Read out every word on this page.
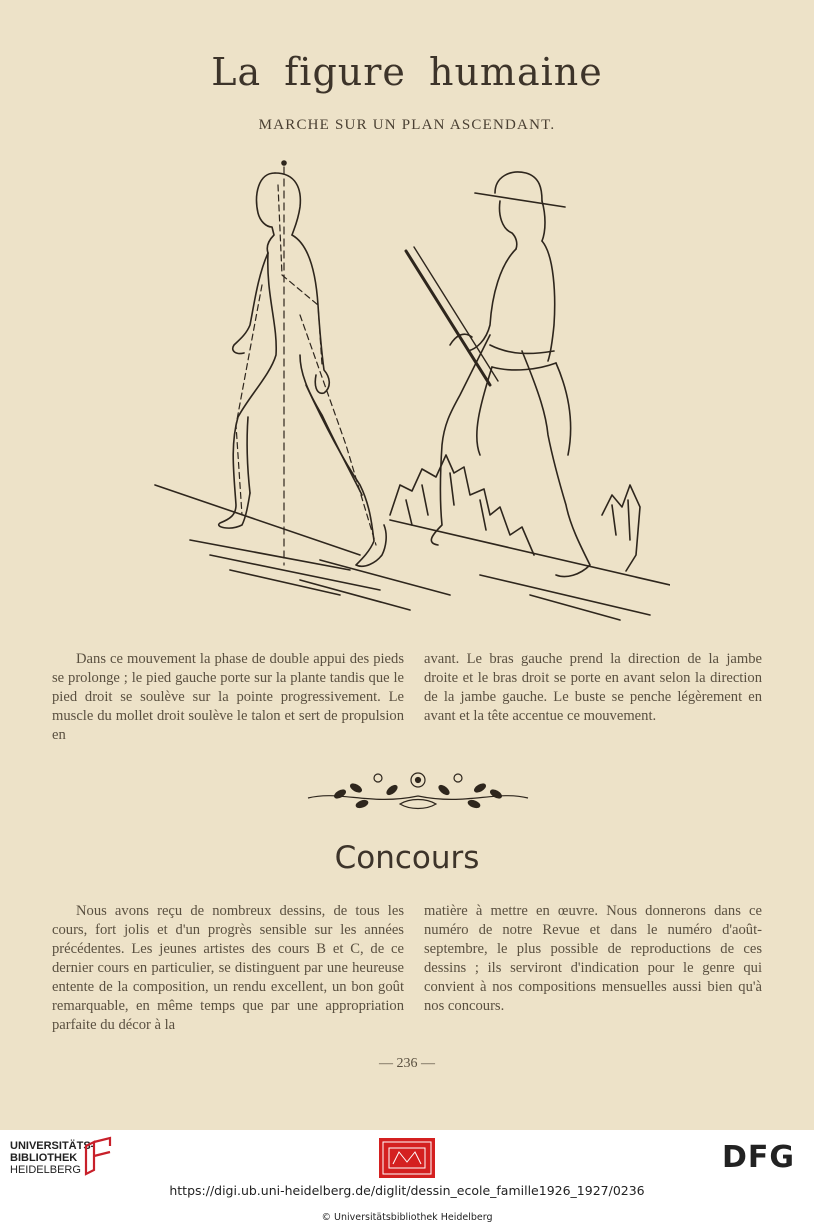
La figure humaine
MARCHE SUR UN PLAN ASCENDANT.

Dans ce mouvement la phase de double appui des pieds se prolonge ; le pied gauche porte sur la plante tandis que le pied droit se soulève sur la pointe progressivement. Le muscle du mollet droit soulève le talon et sert de propulsion en

avant. Le bras gauche prend la direction de la jambe droite et le bras droit se porte en avant selon la direction de la jambe gauche. Le buste se penche légèrement en avant et la tête accentue ce mouvement.

Concours

Nous avons reçu de nombreux dessins, de tous les cours, fort jolis et d'un progrès sensible sur les années précédentes. Les jeunes artistes des cours B et C, de ce dernier cours en particulier, se distinguent par une heureuse entente de la composition, un rendu excellent, un bon goût remarquable, en même temps que par une appropriation parfaite du décor à la

matière à mettre en œuvre. Nous donnerons dans ce numéro de notre Revue et dans le numéro d'août-septembre, le plus possible de reproductions de ces dessins ; ils serviront d'indication pour le genre qui convient à nos compositions mensuelles aussi bien qu'à nos concours.

— 236 —
UNIVERSITÄTS-
BIBLIOTHEK
HEIDELBERG	DFG
https://digi.ub.uni-heidelberg.de/diglit/dessin_ecole_famille1926_1927/0236
© Universitätsbibliothek Heidelberg
